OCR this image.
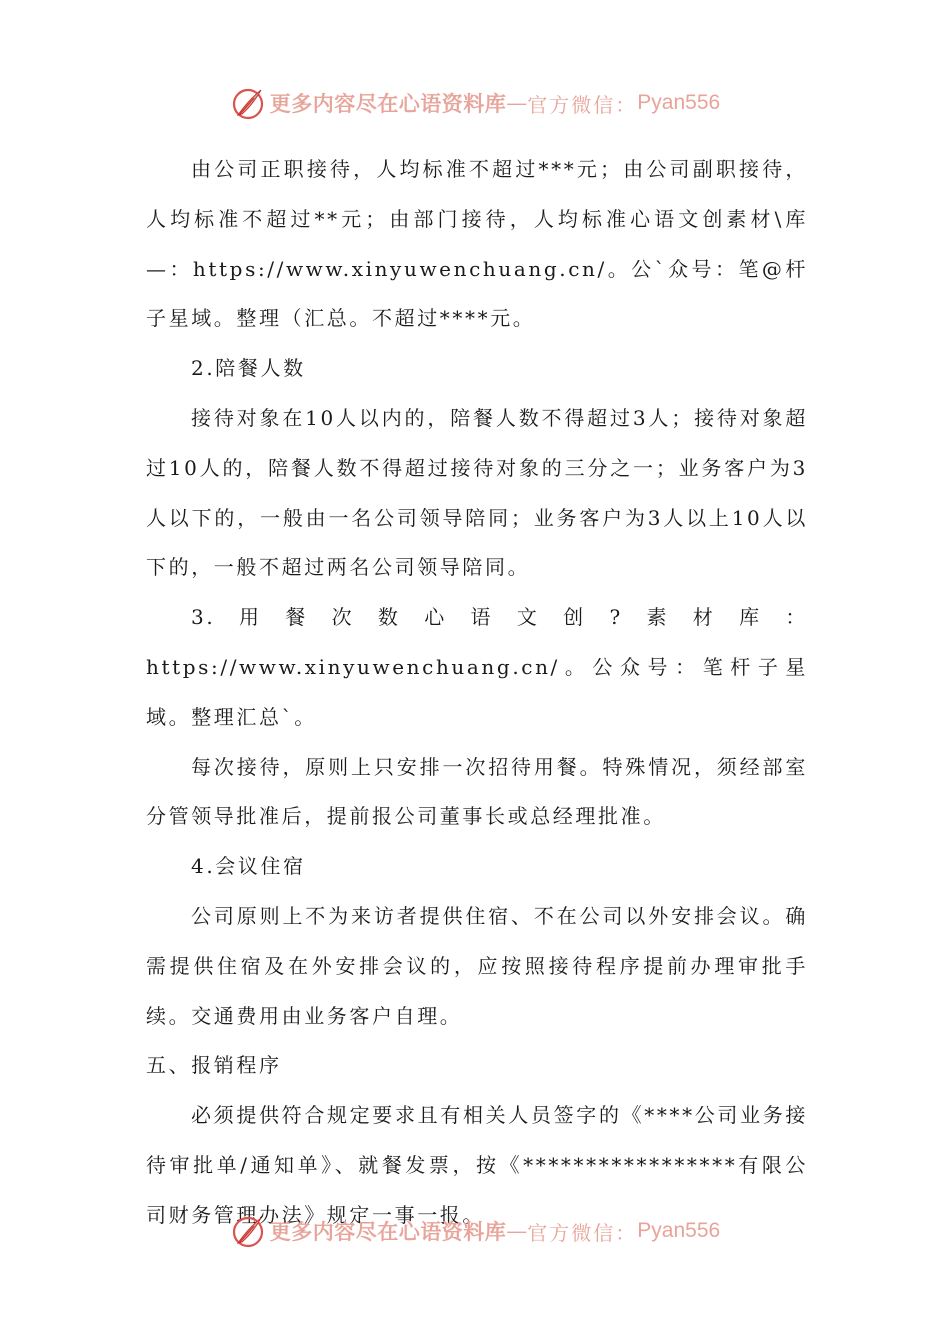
更多内容尽在心语资料库 — 官方微信： Pyan556

由公司正职接待，人均标准不超过***元；由公司副职接待，人均标准不超过**元；由部门接待，人均标准心语文创素材\库—：https://www.xinyuwenchuang.cn/。公`众号：笔@杆子星域。整理（汇总。不超过****元。

2.陪餐人数

接待对象在10人以内的，陪餐人数不得超过3人；接待对象超过10人的，陪餐人数不得超过接待对象的三分之一；业务客户为3人以下的，一般由一名公司领导陪同；业务客户为3人以上10人以下的，一般不超过两名公司领导陪同。

3.用餐次数心语文创?素材库：https://www.xinyuwenchuang.cn/。公众号：笔杆子星域。整理汇总`。

每次接待，原则上只安排一次招待用餐。特殊情况，须经部室分管领导批准后，提前报公司董事长或总经理批准。

4.会议住宿

公司原则上不为来访者提供住宿、不在公司以外安排会议。确需提供住宿及在外安排会议的，应按照接待程序提前办理审批手续。交通费用由业务客户自理。

五、报销程序

必须提供符合规定要求且有相关人员签字的《****公司业务接待审批单/通知单》、就餐发票，按《*****************有限公司财务管理办法》规定一事一报。

更多内容尽在心语资料库 — 官方微信： Pyan556
